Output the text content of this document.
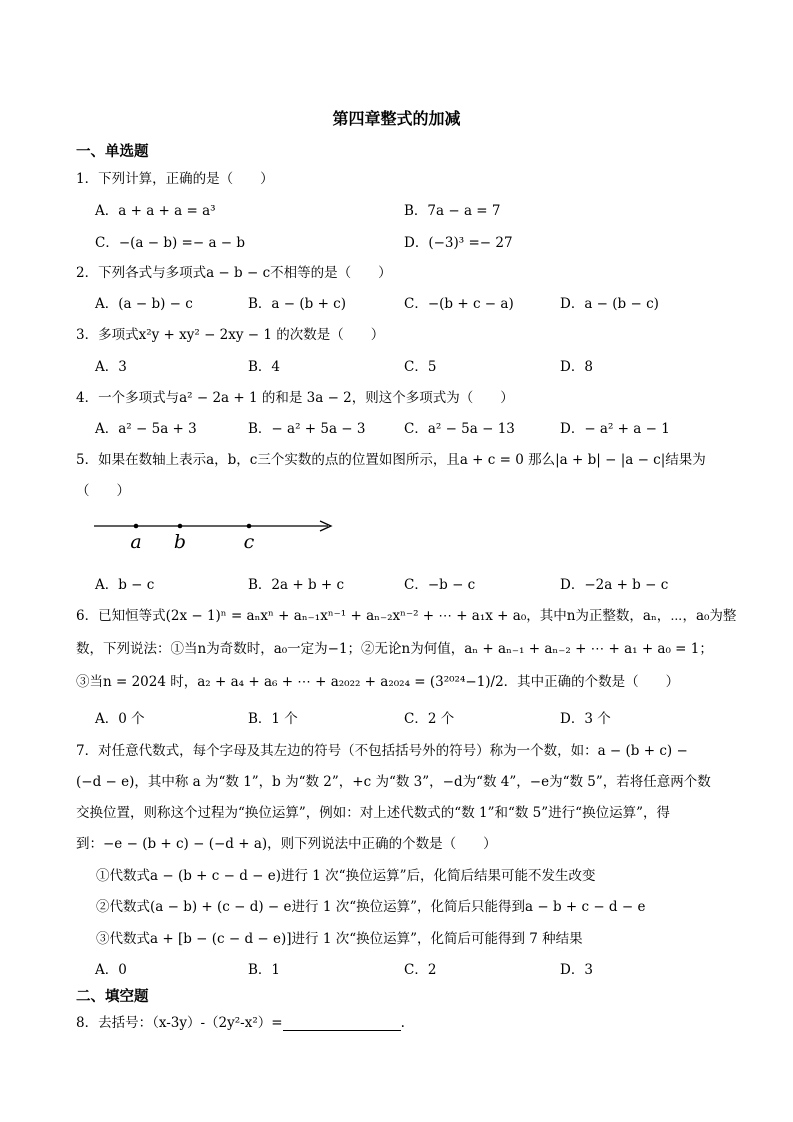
第四章整式的加减
一、单选题
1．下列计算，正确的是（　　）
A．a + a + a = a³	B．7a − a = 7
C．−(a − b) =− a − b	D．(−3)³ =− 27
2．下列各式与多项式a − b − c不相等的是（　　）
A．(a − b) − c	B．a − (b + c)	C．−(b + c − a)	D．a − (b − c)
3．多项式x²y + xy² − 2xy − 1 的次数是（　　）
A．3	B．4	C．5	D．8
4．一个多项式与a² − 2a + 1 的和是 3a − 2，则这个多项式为（　　）
A．a² − 5a + 3	B．− a² + 5a − 3	C．a² − 5a − 13	D．− a² + a − 1
5．如果在数轴上表示a，b，c三个实数的点的位置如图所示，且a + c = 0 那么|a + b| − |a − c|结果为
（　　）
a b	c
A．b − c	B．2a + b + c	C．−b − c	D．−2a + b − c
6．已知恒等式(2x − 1)ⁿ = aₙxⁿ + aₙ₋₁xⁿ⁻¹ + aₙ₋₂xⁿ⁻² + ⋯ + a₁x + a₀，其中n为正整数，aₙ，⋯，a₀为整
数，下列说法：①当n为奇数时，a₀一定为−1；②无论n为何值，aₙ + aₙ₋₁ + aₙ₋₂ + ⋯ + a₁ + a₀ = 1；
③当n = 2024 时，a₂ + a₄ + a₆ + ⋯ + a₂₀₂₂ + a₂₀₂₄ = (3²⁰²⁴−1)/2．其中正确的个数是（　　）
A．0 个	B．1 个	C．2 个	D．3 个
7．对任意代数式，每个字母及其左边的符号（不包括括号外的符号）称为一个数，如：a − (b + c) −
(−d − e)，其中称 a 为“数 1”，b 为“数 2”，+c 为“数 3”，−d为“数 4”，−e为“数 5”，若将任意两个数
交换位置，则称这个过程为“换位运算”，例如：对上述代数式的“数 1”和“数 5”进行“换位运算”，得
到：−e − (b + c) − (−d + a)，则下列说法中正确的个数是（　　）
①代数式a − (b + c − d − e)进行 1 次“换位运算”后，化简后结果可能不发生改变
②代数式(a − b) + (c − d) − e进行 1 次“换位运算”，化简后只能得到a − b + c − d − e
③代数式a + [b − (c − d − e)]进行 1 次“换位运算”，化简后可能得到 7 种结果
A．0	B．1	C．2	D．3
二、填空题
8．去括号：（x-3y）-（2y²-x²）=	.
